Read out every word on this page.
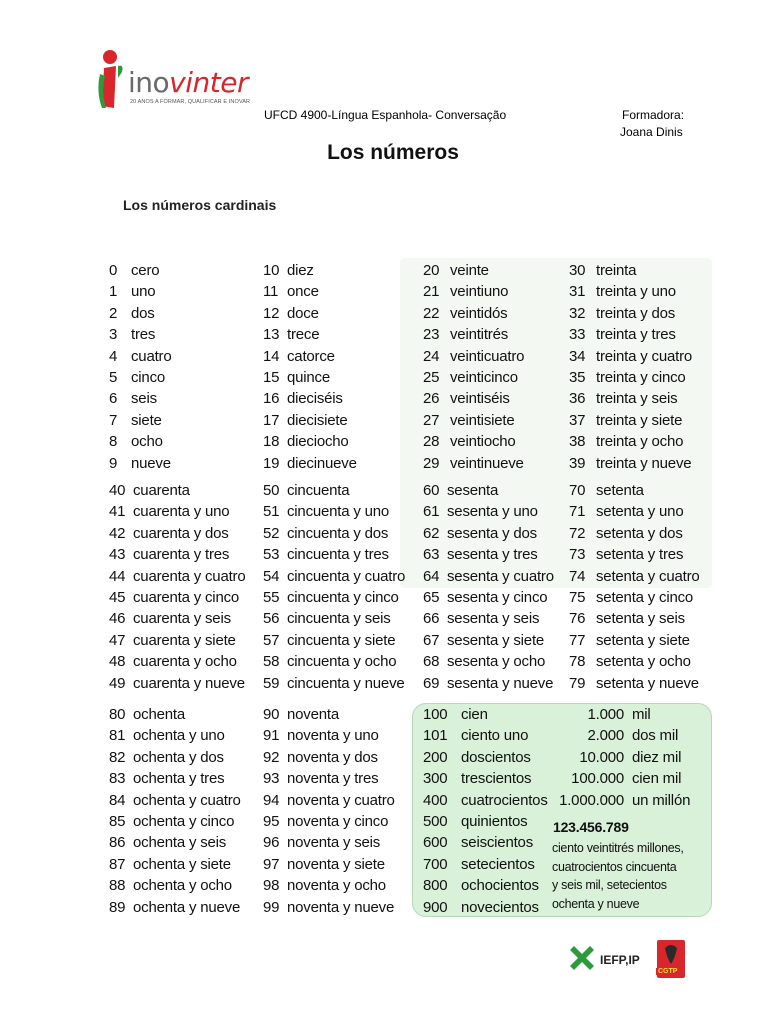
inovinter
20 ANOS A FORMAR, QUALIFICAR E INOVAR
UFCD 4900-Língua Espanhola- Conversação	Formadora:
Joana Dinis
Los números
Los números cardinais
0 cero
1 uno
2 dos
3 tres
4 cuatro
5 cinco
6 seis
7 siete
8 ocho
9 nueve
10 diez
11 once
12 doce
13 trece
14 catorce
15 quince
16 dieciséis
17 diecisiete
18 dieciocho
19 diecinueve
20 veinte
21 veintiuno
22 veintidós
23 veintitrés
24 veinticuatro
25 veinticinco
26 veintiséis
27 veintisiete
28 veintiocho
29 veintinueve
30 treinta
31 treinta y uno
32 treinta y dos
33 treinta y tres
34 treinta y cuatro
35 treinta y cinco
36 treinta y seis
37 treinta y siete
38 treinta y ocho
39 treinta y nueve
40 cuarenta
41 cuarenta y uno
42 cuarenta y dos
43 cuarenta y tres
44 cuarenta y cuatro
45 cuarenta y cinco
46 cuarenta y seis
47 cuarenta y siete
48 cuarenta y ocho
49 cuarenta y nueve
50 cincuenta
51 cincuenta y uno
52 cincuenta y dos
53 cincuenta y tres
54 cincuenta y cuatro
55 cincuenta y cinco
56 cincuenta y seis
57 cincuenta y siete
58 cincuenta y ocho
59 cincuenta y nueve
60 sesenta
61 sesenta y uno
62 sesenta y dos
63 sesenta y tres
64 sesenta y cuatro
65 sesenta y cinco
66 sesenta y seis
67 sesenta y siete
68 sesenta y ocho
69 sesenta y nueve
70 setenta
71 setenta y uno
72 setenta y dos
73 setenta y tres
74 setenta y cuatro
75 setenta y cinco
76 setenta y seis
77 setenta y siete
78 setenta y ocho
79 setenta y nueve
80 ochenta
81 ochenta y uno
82 ochenta y dos
83 ochenta y tres
84 ochenta y cuatro
85 ochenta y cinco
86 ochenta y seis
87 ochenta y siete
88 ochenta y ocho
89 ochenta y nueve
90 noventa
91 noventa y uno
92 noventa y dos
93 noventa y tres
94 noventa y cuatro
95 noventa y cinco
96 noventa y seis
97 noventa y siete
98 noventa y ocho
99 noventa y nueve
100 cien
101 ciento uno
200 doscientos
300 trescientos
400 cuatrocientos
500 quinientos
600 seiscientos
700 setecientos
800 ochocientos
900 novecientos
1.000 mil
2.000 dos mil
10.000 diez mil
100.000 cien mil
1.000.000 un millón
123.456.789
ciento veintitrés millones,
cuatrocientos cincuenta
y seis mil, setecientos
ochenta y nueve
IEFP,IP
CGTP
